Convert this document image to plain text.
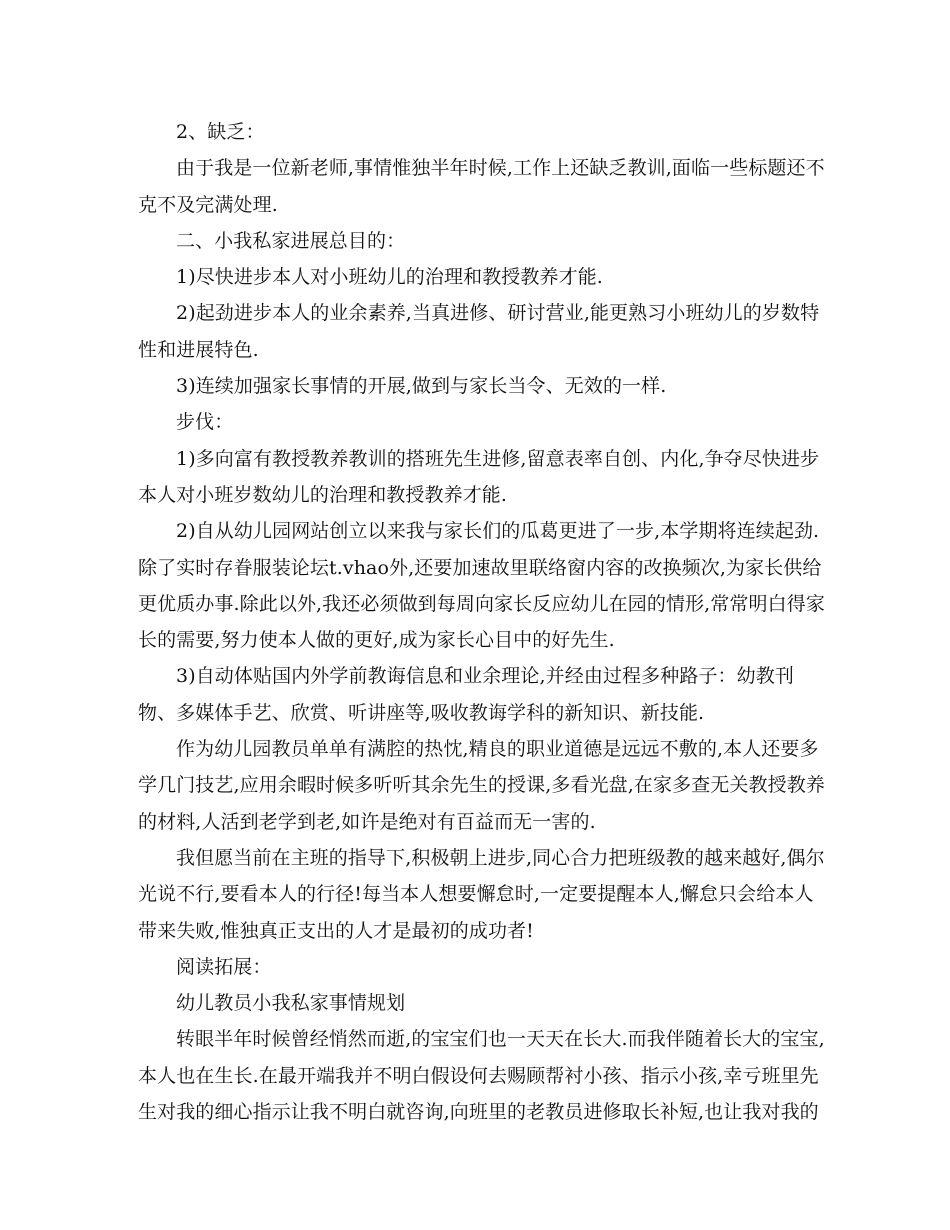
2、缺乏：

由于我是一位新老师,事情惟独半年时候,工作上还缺乏教训,面临一些标题还不克不及完满处理.

二、小我私家进展总目的：

1)尽快进步本人对小班幼儿的治理和教授教养才能.

2)起劲进步本人的业余素养,当真进修、研讨营业,能更熟习小班幼儿的岁数特性和进展特色.

3)连续加强家长事情的开展,做到与家长当令、无效的一样.

步伐：

1)多向富有教授教养教训的搭班先生进修,留意表率自创、内化,争夺尽快进步本人对小班岁数幼儿的治理和教授教养才能.

2)自从幼儿园网站创立以来我与家长们的瓜葛更进了一步,本学期将连续起劲.除了实时存眷服装论坛t.vhao外,还要加速故里联络窗内容的改换频次,为家长供给更优质办事.除此以外,我还必须做到每周向家长反应幼儿在园的情形,常常明白得家长的需要,努力使本人做的更好,成为家长心目中的好先生.

3)自动体贴国内外学前教诲信息和业余理论,并经由过程多种路子：幼教刊物、多媒体手艺、欣赏、听讲座等,吸收教诲学科的新知识、新技能.

作为幼儿园教员单单有满腔的热忱,精良的职业道德是远远不敷的,本人还要多学几门技艺,应用余暇时候多听听其余先生的授课,多看光盘,在家多查无关教授教养的材料,人活到老学到老,如许是绝对有百益而无一害的.

我但愿当前在主班的指导下,积极朝上进步,同心合力把班级教的越来越好,偶尔光说不行,要看本人的行径!每当本人想要懈怠时,一定要提醒本人,懈怠只会给本人带来失败,惟独真正支出的人才是最初的成功者!

阅读拓展：

幼儿教员小我私家事情规划

转眼半年时候曾经悄然而逝,的宝宝们也一天天在长大.而我伴随着长大的宝宝,本人也在生长.在最开端我并不明白假设何去赐顾帮衬小孩、指示小孩,幸亏班里先生对我的细心指示让我不明白就咨询,向班里的老教员进修取长补短,也让我对我的
